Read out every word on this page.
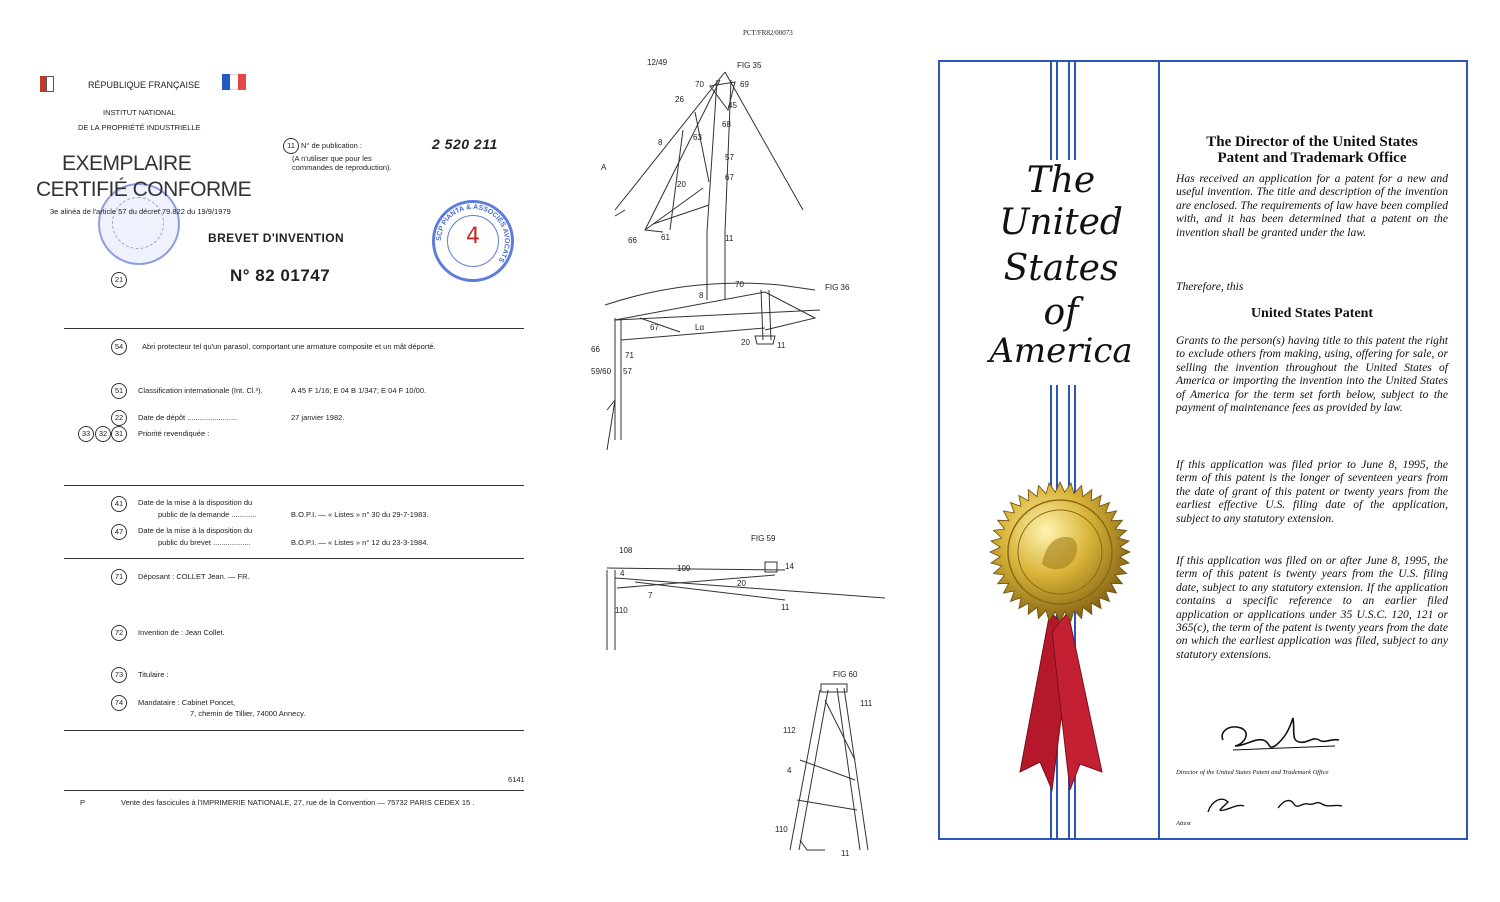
RÉPUBLIQUE FRANÇAISE
INSTITUT NATIONAL
DE LA PROPRIÉTÉ INDUSTRIELLE
EXEMPLAIRE
CERTIFIÉ CONFORME
3e alinéa de l'article 57 du décret 79.822 du 19/9/1979
11 N° de publication :
(A n'utiliser que pour les
commandes de reproduction).
2 520 211
BREVET D'INVENTION	SCP PIANTA & ASSOCIÉS AVOCATS
4
21	N° 82 01747
54	Abri protecteur tel qu'un parasol, comportant une armature composite et un mât déporté.
51	Classification internationale (Int. Cl.³).	A 45 F 1/16; E 04 B 1/347; E 04 F 10/00.
22	Date de dépôt ........................	27 janvier 1982.
33	32	31	Priorité revendiquée :
41	Date de la mise à la disposition du
public de la demande ............	B.O.P.I. — « Listes » n° 30 du 29-7-1983.
47	Date de la mise à la disposition du
public du brevet ..................	B.O.P.I. — « Listes » n° 12 du 23-3-1984.
71	Déposant : COLLET Jean. — FR.
72	Invention de : Jean Collet.
73	Titulaire :
74	Mandataire : Cabinet Poncet,
7, chemin de Tillier, 74000 Annecy.
6141
P	Vente des fascicules à l'IMPRIMERIE NATIONALE, 27, rue de la Convention — 75732 PARIS CEDEX 15 .
PCT/FR82/00073
12/49	FIG 35
FIG 36
FIG 59
FIG 60
70	69
26
45
63
68
8
57
A
20
67
66	61	11
8
70
67	Lα
66
71
57
59/60
20	11
108
4
109	14
20
7
11
110
111
112
4
110
11
The
United
States
of
America
The Director of the United States
Patent and Trademark Office
Has received an application for a patent for a new and useful invention. The title and description of the invention are enclosed. The requirements of law have been complied with, and it has been determined that a patent on the invention shall be granted under the law.
Therefore, this
United States Patent
Grants to the person(s) having title to this patent the right to exclude others from making, using, offering for sale, or selling the invention throughout the United States of America or importing the invention into the United States of America for the term set forth below, subject to the payment of maintenance fees as provided by law.
If this application was filed prior to June 8, 1995, the term of this patent is the longer of seventeen years from the date of grant of this patent or twenty years from the earliest effective U.S. filing date of the application, subject to any statutory extension.
If this application was filed on or after June 8, 1995, the term of this patent is twenty years from the U.S. filing date, subject to any statutory extension. If the application contains a specific reference to an earlier filed application or applications under 35 U.S.C. 120, 121 or 365(c), the term of the patent is twenty years from the date on which the earliest application was filed, subject to any statutory extensions.
Director of the United States Patent and Trademark Office
Attest
